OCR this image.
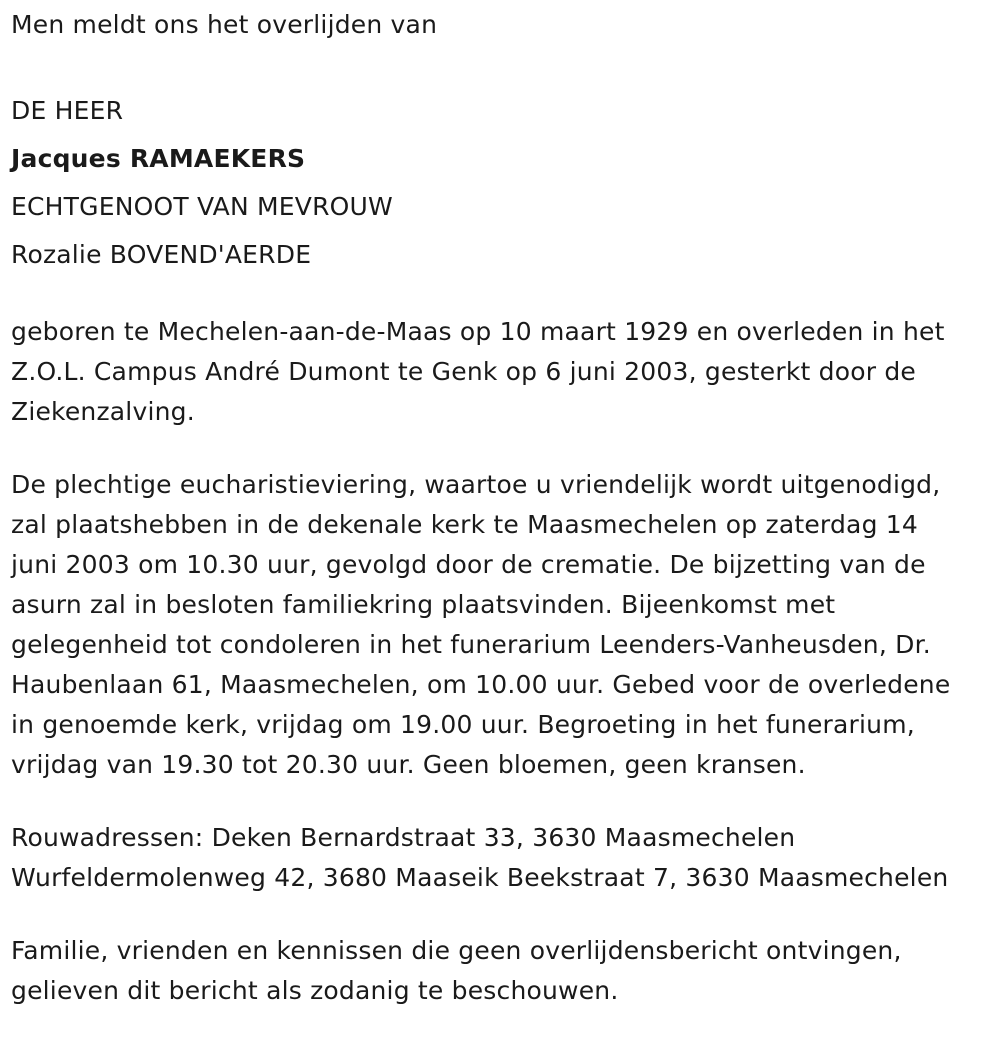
Men meldt ons het overlijden van

DE HEER

Jacques RAMAEKERS

ECHTGENOOT VAN MEVROUW

Rozalie BOVEND'AERDE

geboren te Mechelen-aan-de-Maas op 10 maart 1929 en overleden in het

Z.O.L. Campus André Dumont te Genk op 6 juni 2003, gesterkt door de

Ziekenzalving.

De plechtige eucharistieviering, waartoe u vriendelijk wordt uitgenodigd,

zal plaatshebben in de dekenale kerk te Maasmechelen op zaterdag 14

juni 2003 om 10.30 uur, gevolgd door de crematie. De bijzetting van de

asurn zal in besloten familiekring plaatsvinden. Bijeenkomst met

gelegenheid tot condoleren in het funerarium Leenders-Vanheusden, Dr.

Haubenlaan 61, Maasmechelen, om 10.00 uur. Gebed voor de overledene

in genoemde kerk, vrijdag om 19.00 uur. Begroeting in het funerarium,

vrijdag van 19.30 tot 20.30 uur. Geen bloemen, geen kransen.

Rouwadressen: Deken Bernardstraat 33, 3630 Maasmechelen

Wurfeldermolenweg 42, 3680 Maaseik Beekstraat 7, 3630 Maasmechelen

Familie, vrienden en kennissen die geen overlijdensbericht ontvingen,

gelieven dit bericht als zodanig te beschouwen.
